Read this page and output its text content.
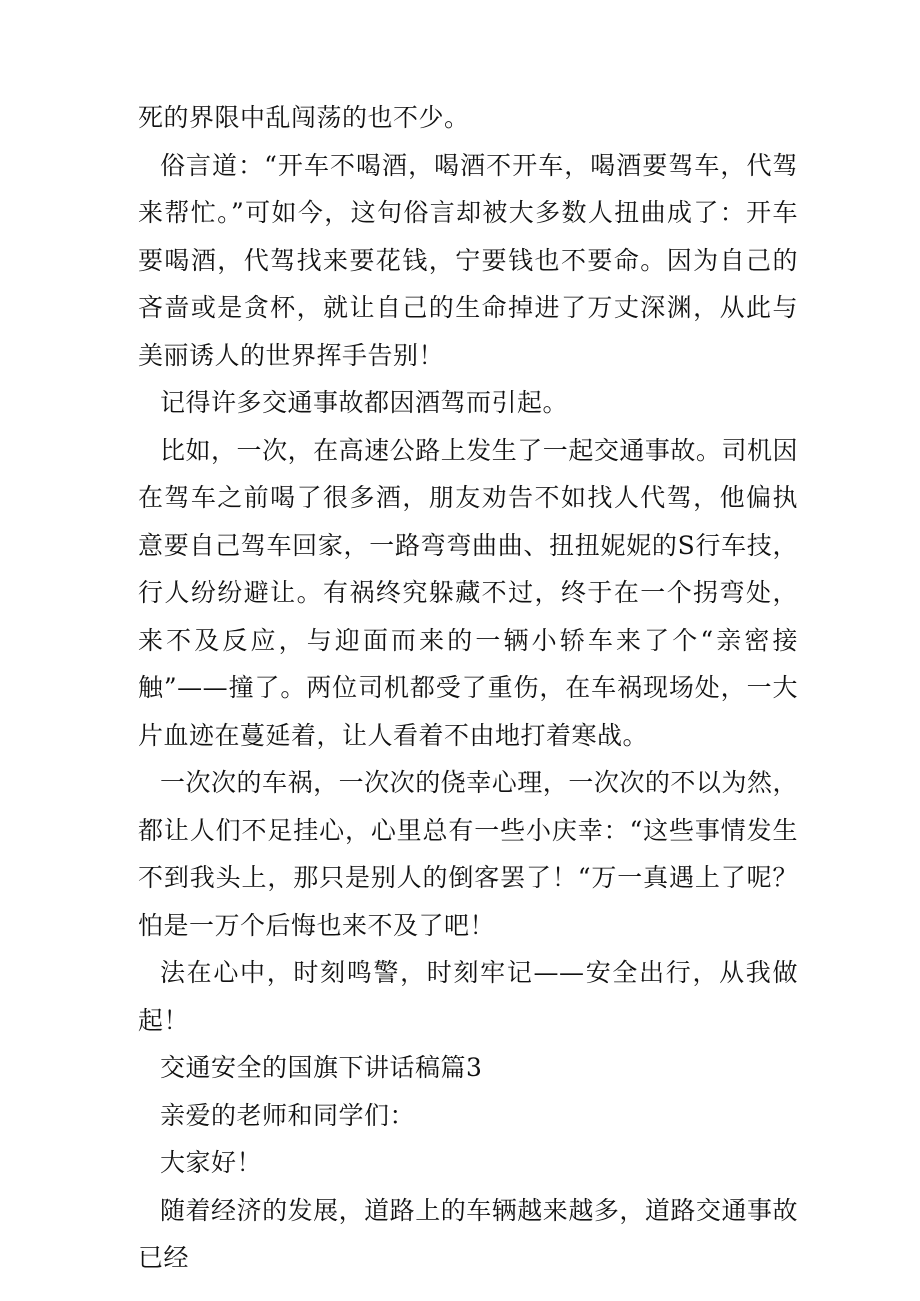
死的界限中乱闯荡的也不少。

俗言道：“开车不喝酒，喝酒不开车，喝酒要驾车，代驾来帮忙。”可如今，这句俗言却被大多数人扭曲成了：开车要喝酒，代驾找来要花钱，宁要钱也不要命。因为自己的吝啬或是贪杯，就让自己的生命掉进了万丈深渊，从此与美丽诱人的世界挥手告别！

记得许多交通事故都因酒驾而引起。

比如，一次，在高速公路上发生了一起交通事故。司机因在驾车之前喝了很多酒，朋友劝告不如找人代驾，他偏执意要自己驾车回家，一路弯弯曲曲、扭扭妮妮的S行车技，行人纷纷避让。有祸终究躲藏不过，终于在一个拐弯处，来不及反应，与迎面而来的一辆小轿车来了个“亲密接触”——撞了。两位司机都受了重伤，在车祸现场处，一大片血迹在蔓延着，让人看着不由地打着寒战。

一次次的车祸，一次次的侥幸心理，一次次的不以为然，都让人们不足挂心，心里总有一些小庆幸：“这些事情发生不到我头上，那只是别人的倒客罢了！“万一真遇上了呢？怕是一万个后悔也来不及了吧！

法在心中，时刻鸣警，时刻牢记——安全出行，从我做起！

交通安全的国旗下讲话稿篇3

亲爱的老师和同学们：

大家好！

随着经济的发展，道路上的车辆越来越多，道路交通事故已经
